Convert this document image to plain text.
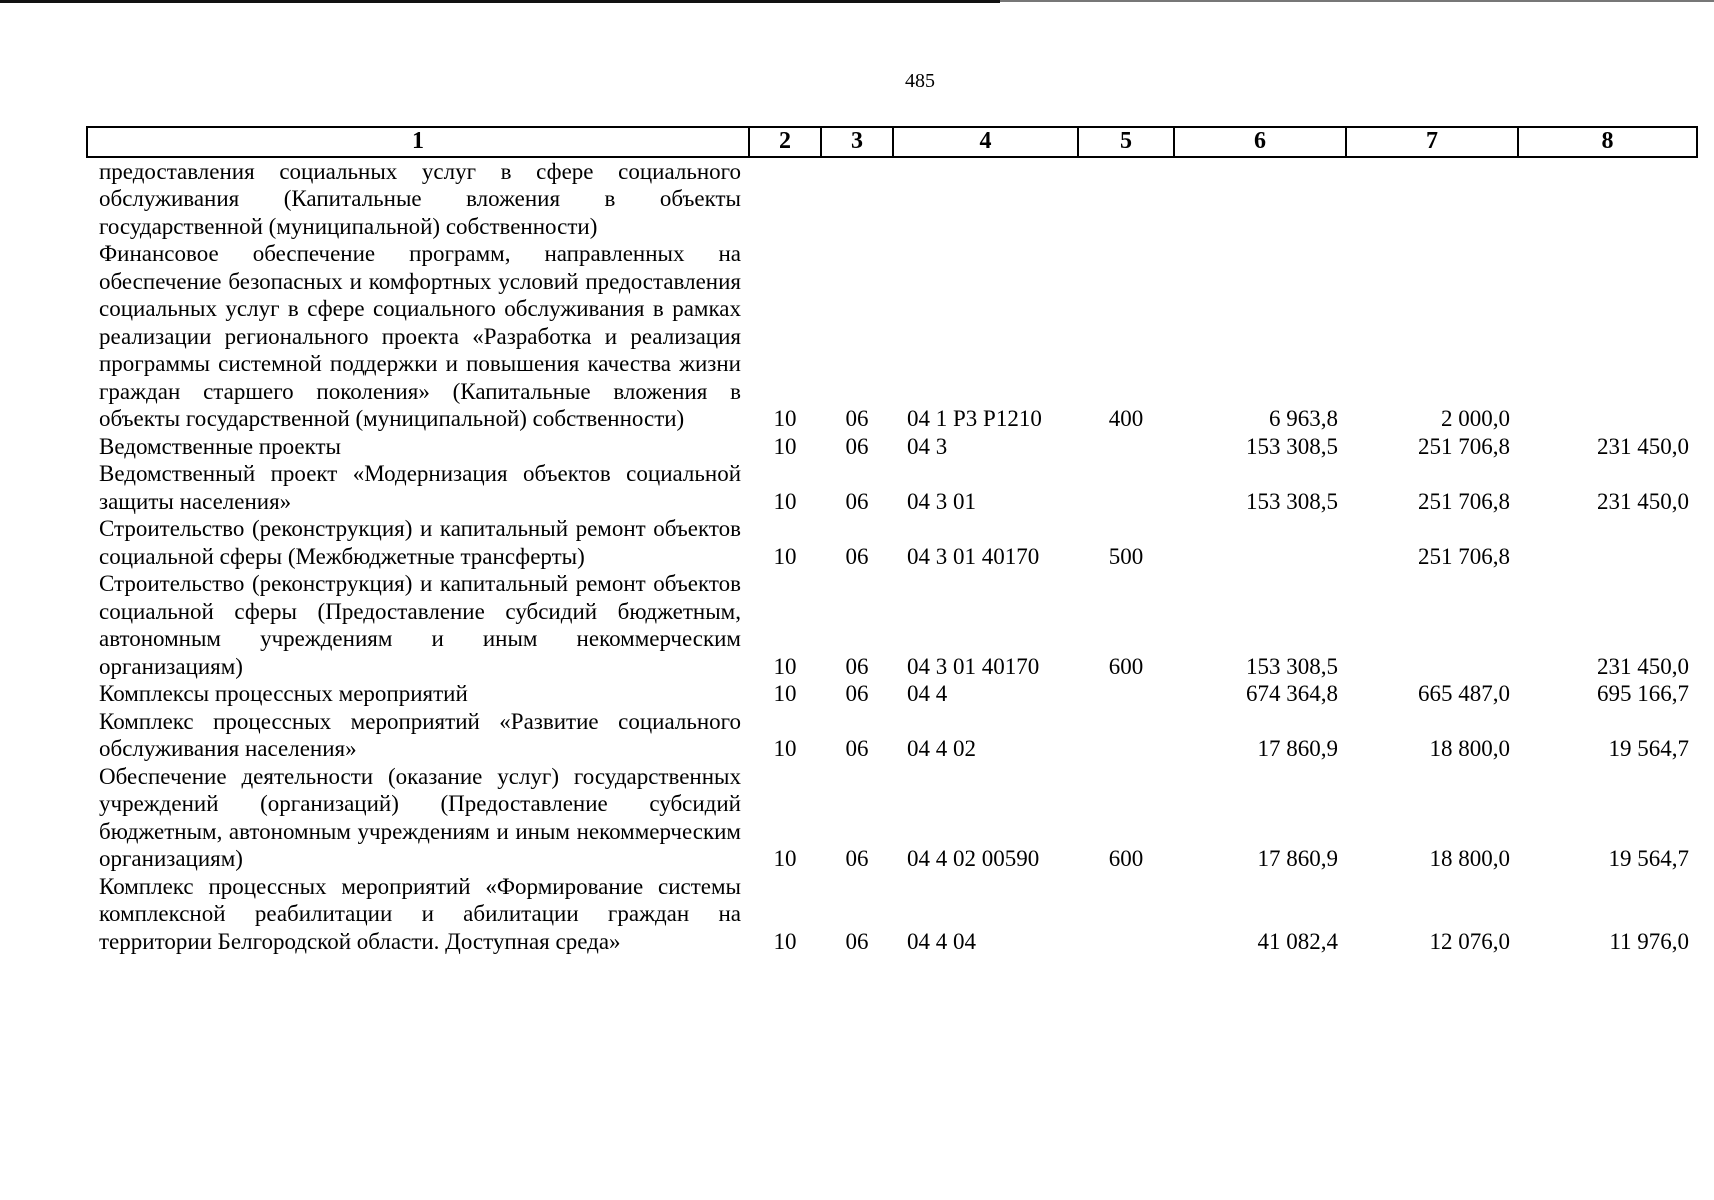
485
1	2	3	4	5	6	7	8
предоставления социальных услуг в сфере социального обслуживания (Капитальные вложения в объекты государственной (муниципальной) собственности)							
Финансовое обеспечение программ, направленных на обеспечение безопасных и комфортных условий предоставления социальных услуг в сфере социального обслуживания в рамках реализации регионального проекта «Разработка и реализация программы системной поддержки и повышения качества жизни граждан старшего поколения» (Капитальные вложения в объекты государственной (муниципальной) собственности)	10	06	04 1 Р3 Р1210	400	6 963,8	2 000,0	
Ведомственные проекты	10	06	04 3		153 308,5	251 706,8	231 450,0
Ведомственный проект «Модернизация объектов социальной защиты населения»	10	06	04 3 01		153 308,5	251 706,8	231 450,0
Строительство (реконструкция) и капитальный ремонт объектов социальной сферы (Межбюджетные трансферты)	10	06	04 3 01 40170	500		251 706,8	
Строительство (реконструкция) и капитальный ремонт объектов социальной сферы (Предоставление субсидий бюджетным, автономным учреждениям и иным некоммерческим организациям)	10	06	04 3 01 40170	600	153 308,5		231 450,0
Комплексы процессных мероприятий	10	06	04 4		674 364,8	665 487,0	695 166,7
Комплекс процессных мероприятий «Развитие социального обслуживания населения»	10	06	04 4 02		17 860,9	18 800,0	19 564,7
Обеспечение деятельности (оказание услуг) государственных учреждений (организаций) (Предоставление субсидий бюджетным, автономным учреждениям и иным некоммерческим организациям)	10	06	04 4 02 00590	600	17 860,9	18 800,0	19 564,7
Комплекс процессных мероприятий «Формирование системы комплексной реабилитации и абилитации граждан на территории Белгородской области. Доступная среда»	10	06	04 4 04		41 082,4	12 076,0	11 976,0
